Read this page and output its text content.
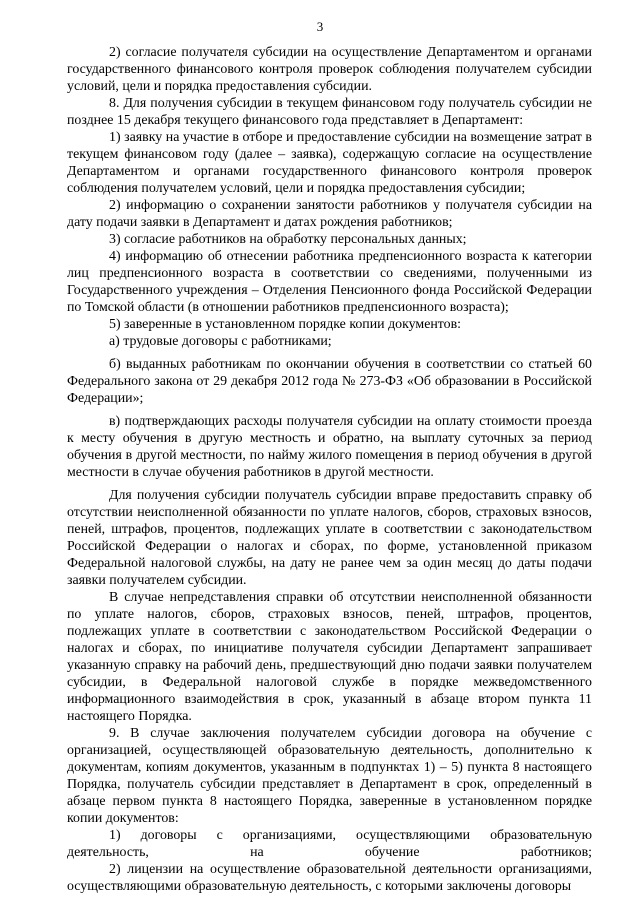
3

2) согласие получателя субсидии на осуществление Департаментом и органами государственного финансового контроля проверок соблюдения получателем субсидии условий, цели и порядка предоставления субсидии.

8. Для получения субсидии в текущем финансовом году получатель субсидии не позднее 15 декабря текущего финансового года представляет в Департамент:

1) заявку на участие в отборе и предоставление субсидии на возмещение затрат в текущем финансовом году (далее – заявка), содержащую согласие на осуществление Департаментом и органами государственного финансового контроля проверок соблюдения получателем условий, цели и порядка предоставления субсидии;

2) информацию о сохранении занятости работников у получателя субсидии на дату подачи заявки в Департамент и датах рождения работников;

3) согласие работников на обработку персональных данных;

4) информацию об отнесении работника предпенсионного возраста к категории лиц предпенсионного возраста в соответствии со сведениями, полученными из Государственного учреждения – Отделения Пенсионного фонда Российской Федерации по Томской области (в отношении работников предпенсионного возраста);

5) заверенные в установленном порядке копии документов:

а) трудовые договоры с работниками;

б) выданных работникам по окончании обучения в соответствии со статьей 60 Федерального закона от 29 декабря 2012 года № 273-ФЗ «Об образовании в Российской Федерации»;

в) подтверждающих расходы получателя субсидии на оплату стоимости проезда к месту обучения в другую местность и обратно, на выплату суточных за период обучения в другой местности, по найму жилого помещения в период обучения в другой местности в случае обучения работников в другой местности.

Для получения субсидии получатель субсидии вправе предоставить справку об отсутствии неисполненной обязанности по уплате налогов, сборов, страховых взносов, пеней, штрафов, процентов, подлежащих уплате в соответствии с законодательством Российской Федерации о налогах и сборах, по форме, установленной приказом Федеральной налоговой службы, на дату не ранее чем за один месяц до даты подачи заявки получателем субсидии.

В случае непредставления справки об отсутствии неисполненной обязанности по уплате налогов, сборов, страховых взносов, пеней, штрафов, процентов, подлежащих уплате в соответствии с законодательством Российской Федерации о налогах и сборах, по инициативе получателя субсидии Департамент запрашивает указанную справку на рабочий день, предшествующий дню подачи заявки получателем субсидии, в Федеральной налоговой службе в порядке межведомственного информационного взаимодействия в срок, указанный в абзаце втором пункта 11 настоящего Порядка.

9. В случае заключения получателем субсидии договора на обучение с организацией, осуществляющей образовательную деятельность, дополнительно к документам, копиям документов, указанным в подпунктах 1) – 5) пункта 8 настоящего Порядка, получатель субсидии представляет в Департамент в срок, определенный в абзаце первом пункта 8 настоящего Порядка, заверенные в установленном порядке копии документов:

1) договоры с организациями, осуществляющими образовательную деятельность, на обучение работников;

2) лицензии на осуществление образовательной деятельности организациями, осуществляющими образовательную деятельность, с которыми заключены договоры
